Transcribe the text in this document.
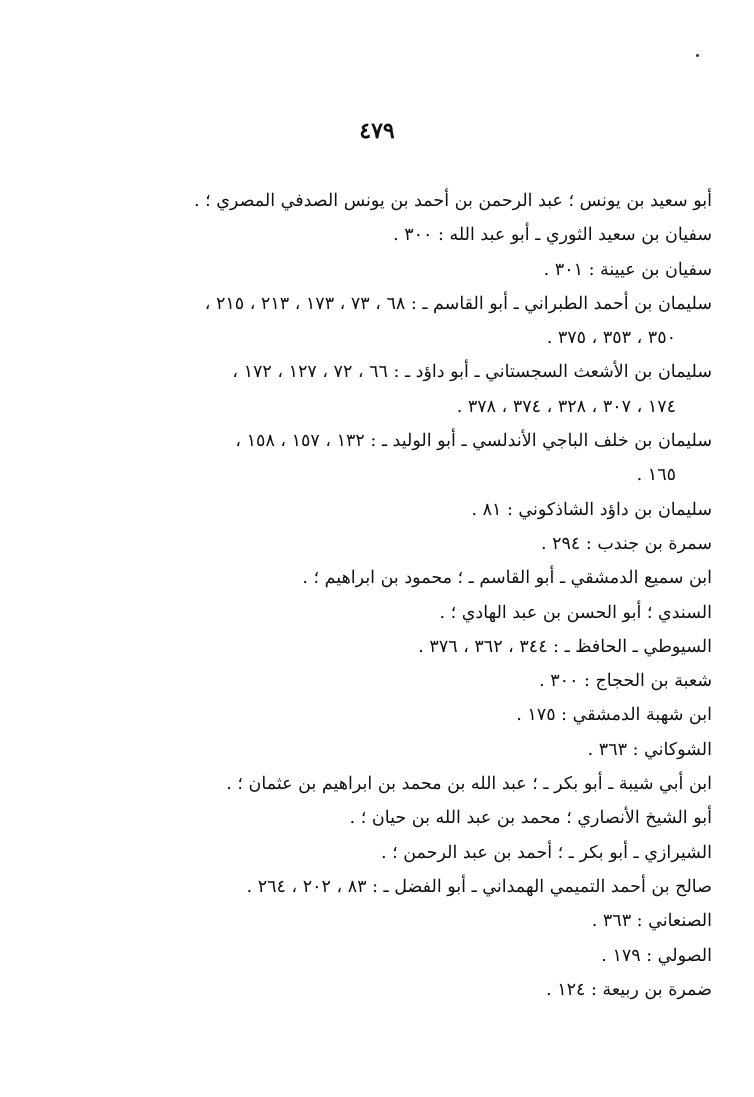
٤٧٩
أبو سعيد بن يونس ؛ عبد الرحمن بن أحمد بن يونس الصدفي المصري ؛ .
سفيان بن سعيد الثوري ـ أبو عبد الله : ٣٠٠ .
سفيان بن عيينة : ٣٠١ .
سليمان بن أحمد الطبراني ـ أبو القاسم ـ : ٦٨ ، ٧٣ ، ١٧٣ ، ٢١٣ ، ٢١٥ ،
٣٥٠ ، ٣٥٣ ، ٣٧٥ .
سليمان بن الأشعث السجستاني ـ أبو داؤد ـ : ٦٦ ، ٧٢ ، ١٢٧ ، ١٧٢ ،
١٧٤ ، ٣٠٧ ، ٣٢٨ ، ٣٧٤ ، ٣٧٨ .
سليمان بن خلف الباجي الأندلسي ـ أبو الوليد ـ : ١٣٢ ، ١٥٧ ، ١٥٨ ،
١٦٥ .
سليمان بن داؤد الشاذكوني : ٨١ .
سمرة بن جندب : ٢٩٤ .
ابن سميع الدمشقي ـ أبو القاسم ـ ؛ محمود بن ابراهيم ؛ .
السندي ؛ أبو الحسن بن عبد الهادي ؛ .
السيوطي ـ الحافظ ـ : ٣٤٤ ، ٣٦٢ ، ٣٧٦ .
شعبة بن الحجاج : ٣٠٠ .
ابن شهبة الدمشقي : ١٧٥ .
الشوكاني : ٣٦٣ .
ابن أبي شيبة ـ أبو بكر ـ ؛ عبد الله بن محمد بن ابراهيم بن عثمان ؛ .
أبو الشيخ الأنصاري ؛ محمد بن عبد الله بن حيان ؛ .
الشيرازي ـ أبو بكر ـ ؛ أحمد بن عبد الرحمن ؛ .
صالح بن أحمد التميمي الهمداني ـ أبو الفضل ـ : ٨٣ ، ٢٠٢ ، ٢٦٤ .
الصنعاني : ٣٦٣ .
الصولي : ١٧٩ .
ضمرة بن ربيعة : ١٢٤ .
